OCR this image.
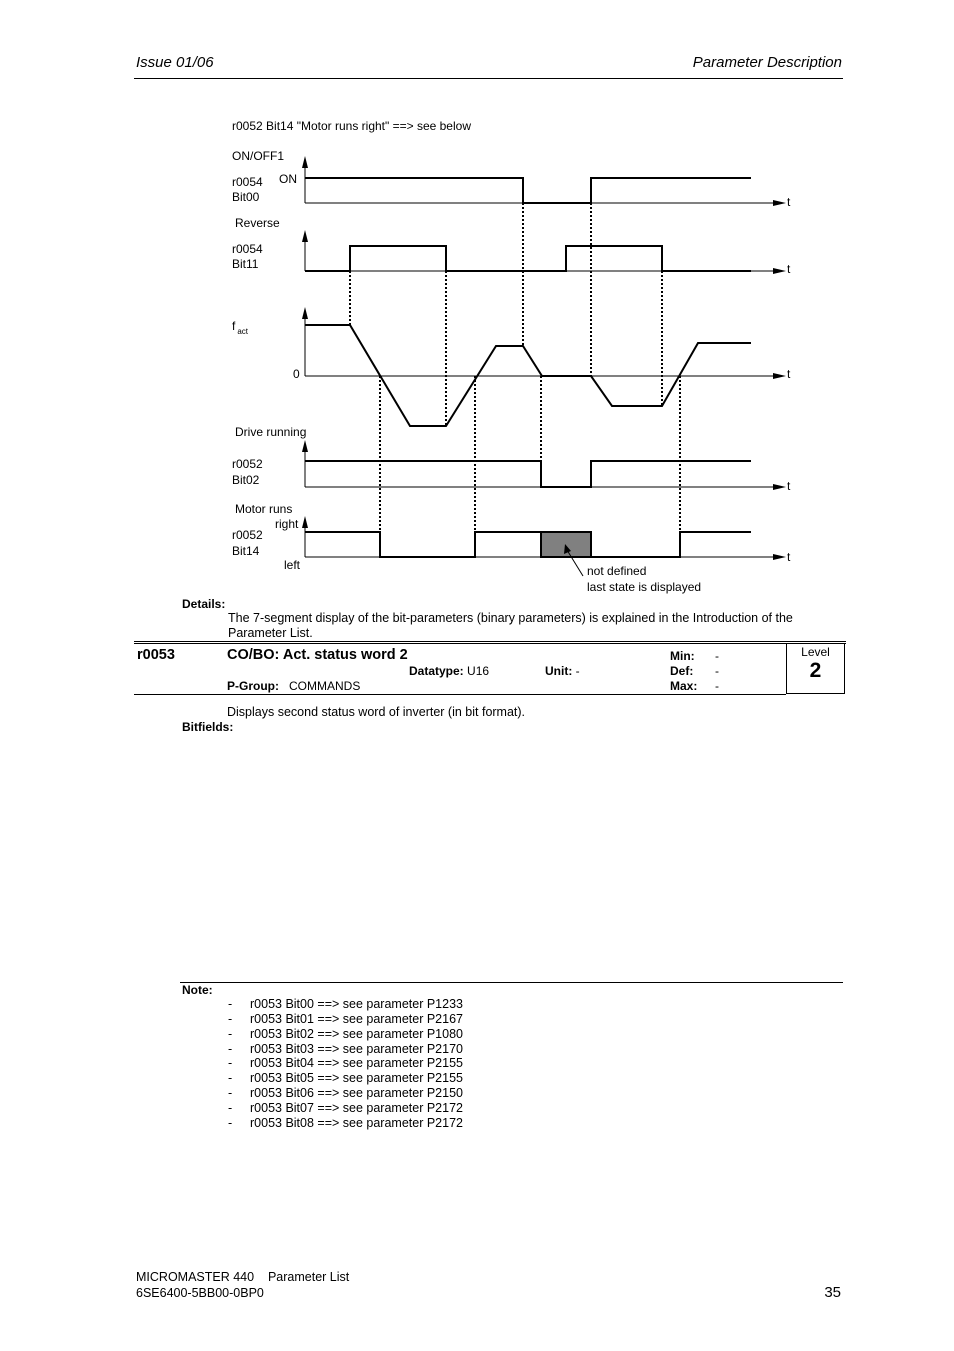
Issue 01/06	Parameter Description
r0052 Bit14 "Motor runs right" ==> see below
ON/OFF1
ON
r0054
Bit00
Reverse
r0054
Bit11
f $_{act}$
0
Drive running
r0052
Bit02
Motor runs
right
r0052
Bit14
left
t
t
t
t
t
not defined
last state is displayed
Details:
The 7-segment display of the bit-parameters (binary parameters) is explained in the Introduction of the
Parameter List.
r0053	CO/BO: Act. status word 2
Datatype: U16	Unit: -
P-Group: COMMANDS
Min: -
Def: -
Max: -
Level
2
Displays second status word of inverter (in bit format).
Bitfields:
Note:
- r0053 Bit00 ==> see parameter P1233
- r0053 Bit01 ==> see parameter P2167
- r0053 Bit02 ==> see parameter P1080
- r0053 Bit03 ==> see parameter P2170
- r0053 Bit04 ==> see parameter P2155
- r0053 Bit05 ==> see parameter P2155
- r0053 Bit06 ==> see parameter P2150
- r0053 Bit07 ==> see parameter P2172
- r0053 Bit08 ==> see parameter P2172
MICROMASTER 440    Parameter List
6SE6400-5BB00-0BP0	35
